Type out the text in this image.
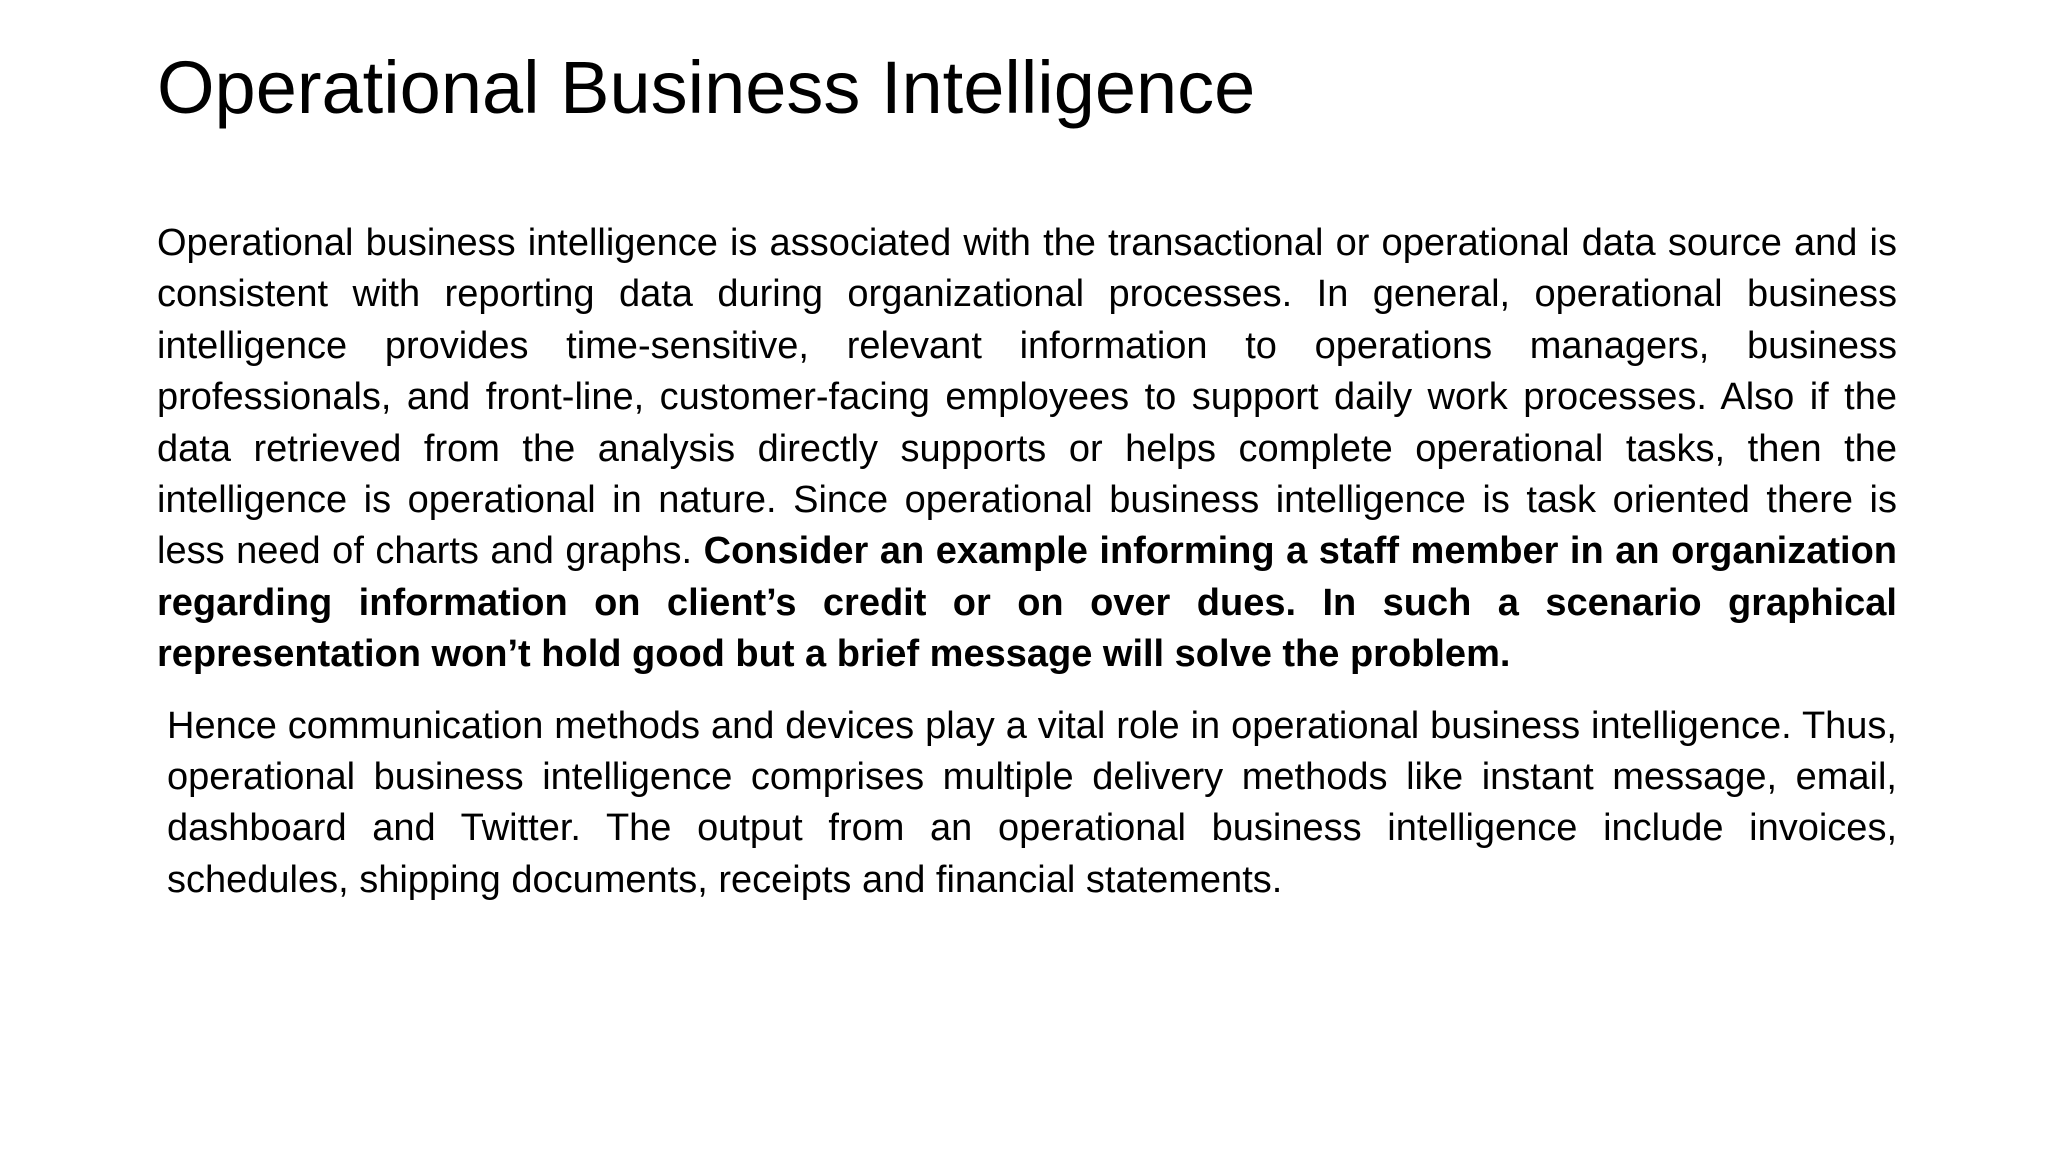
Operational Business Intelligence

Operational business intelligence is associated with the transactional or operational data source and is consistent with reporting data during organizational processes. In general, operational business intelligence provides time-sensitive, relevant information to operations managers, business professionals, and front-line, customer-facing employees to support daily work processes. Also if the data retrieved from the analysis directly supports or helps complete operational tasks, then the intelligence is operational in nature. Since operational business intelligence is task oriented there is less need of charts and graphs. Consider an example informing a staff member in an organization regarding information on client’s credit or on over dues. In such a scenario graphical representation won’t hold good but a brief message will solve the problem.

Hence communication methods and devices play a vital role in operational business intelligence. Thus, operational business intelligence comprises multiple delivery methods like instant message, email, dashboard and Twitter. The output from an operational business intelligence include invoices, schedules, shipping documents, receipts and financial statements.
